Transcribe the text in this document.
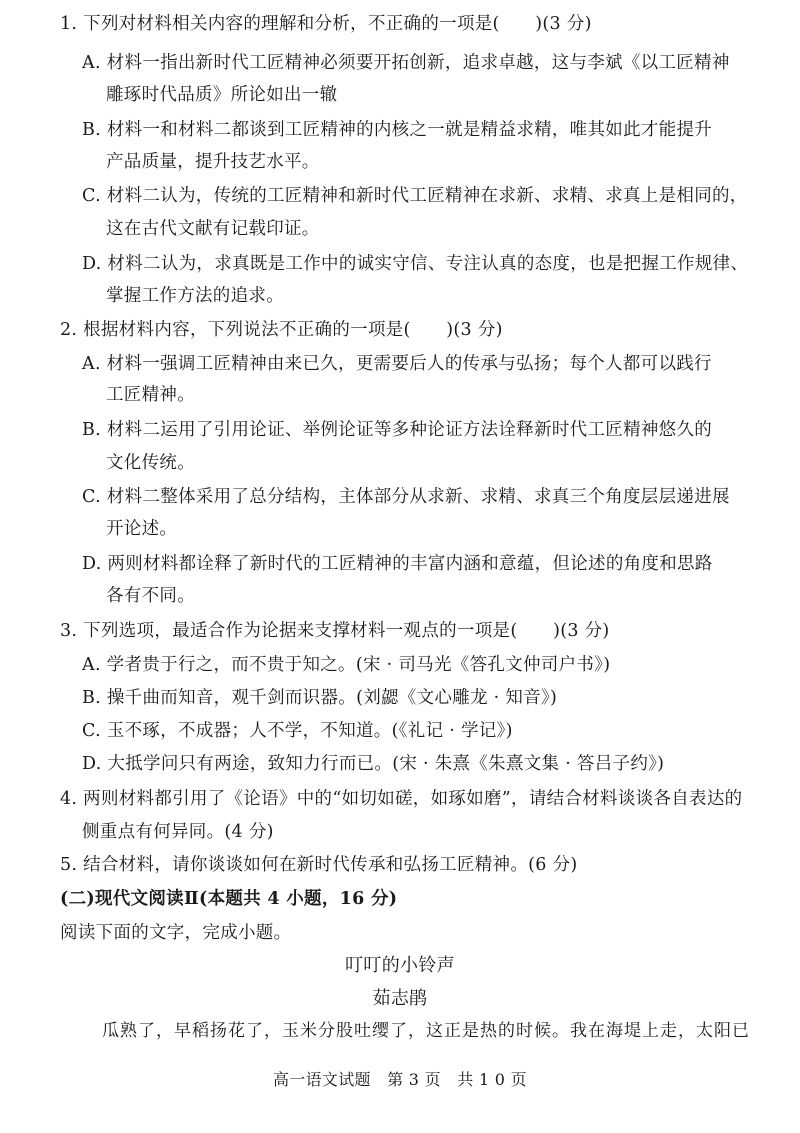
1. 下列对材料相关内容的理解和分析，不正确的一项是(　　)(3 分)
A. 材料一指出新时代工匠精神必须要开拓创新，追求卓越，这与李斌《以工匠精神
雕琢时代品质》所论如出一辙
B. 材料一和材料二都谈到工匠精神的内核之一就是精益求精，唯其如此才能提升
产品质量，提升技艺水平。
C. 材料二认为，传统的工匠精神和新时代工匠精神在求新、求精、求真上是相同的，
这在古代文献有记载印证。
D. 材料二认为，求真既是工作中的诚实守信、专注认真的态度，也是把握工作规律、
掌握工作方法的追求。
2. 根据材料内容，下列说法不正确的一项是(　　)(3 分)
A. 材料一强调工匠精神由来已久，更需要后人的传承与弘扬；每个人都可以践行
工匠精神。
B. 材料二运用了引用论证、举例论证等多种论证方法诠释新时代工匠精神悠久的
文化传统。
C. 材料二整体采用了总分结构，主体部分从求新、求精、求真三个角度层层递进展
开论述。
D. 两则材料都诠释了新时代的工匠精神的丰富内涵和意蕴，但论述的角度和思路
各有不同。
3. 下列选项，最适合作为论据来支撑材料一观点的一项是(　　)(3 分)
A. 学者贵于行之，而不贵于知之。(宋 · 司马光《答孔文仲司户书》)
B. 操千曲而知音，观千剑而识器。(刘勰《文心雕龙 · 知音》)
C. 玉不琢，不成器；人不学，不知道。(《礼记 · 学记》)
D. 大抵学问只有两途，致知力行而已。(宋 · 朱熹《朱熹文集 · 答吕子约》)
4. 两则材料都引用了《论语》中的“如切如磋，如琢如磨”，请结合材料谈谈各自表达的
侧重点有何异同。(4 分)
5. 结合材料，请你谈谈如何在新时代传承和弘扬工匠精神。(6 分)
(二)现代文阅读Ⅱ(本题共 4 小题，16 分)
阅读下面的文字，完成小题。
叮叮的小铃声
茹志鹃
瓜熟了，早稻扬花了，玉米分股吐缨了，这正是热的时候。我在海堤上走，太阳已
高一语文试题　第 3 页　共 1 0 页
